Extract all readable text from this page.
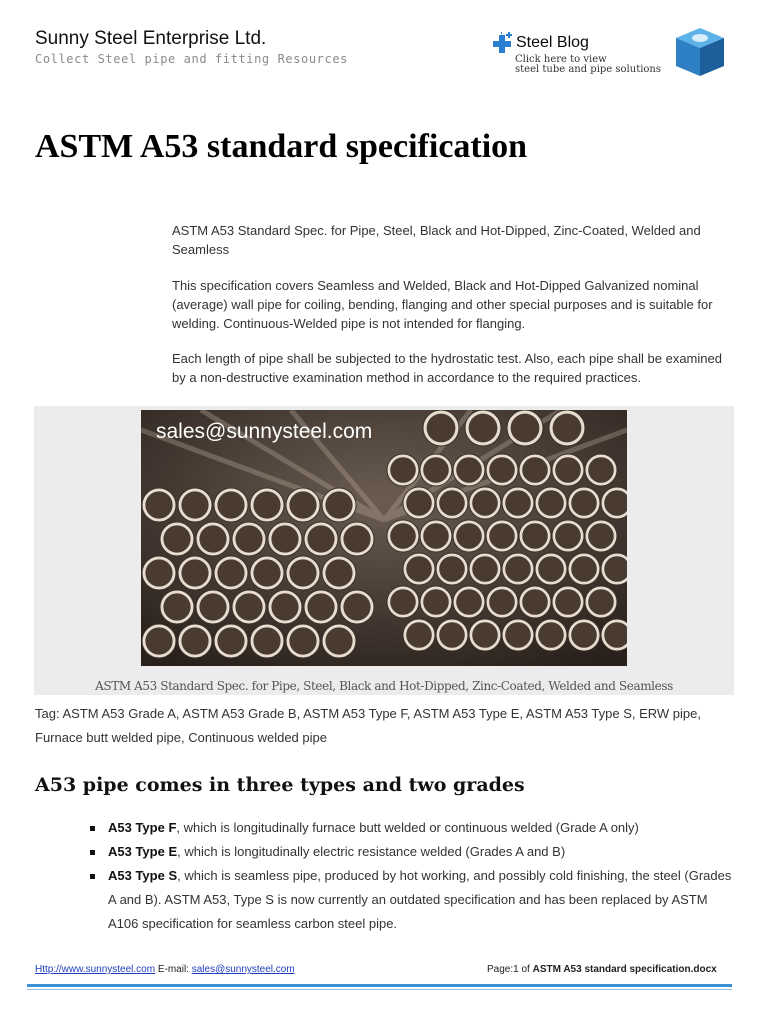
Sunny Steel Enterprise Ltd.
Collect Steel pipe and fitting Resources
Steel Blog
Click here to view
steel tube and pipe solutions
ASTM A53 standard specification

ASTM A53 Standard Spec. for Pipe, Steel, Black and Hot-Dipped, Zinc-Coated, Welded and Seamless

This specification covers Seamless and Welded, Black and Hot-Dipped Galvanized nominal (average) wall pipe for coiling, bending, flanging and other special purposes and is suitable for welding. Continuous-Welded pipe is not intended for flanging.

Each length of pipe shall be subjected to the hydrostatic test. Also, each pipe shall be examined by a non-destructive examination method in accordance to the required practices.

sales@sunnysteel.com
ASTM A53 Standard Spec. for Pipe, Steel, Black and Hot-Dipped, Zinc-Coated, Welded and Seamless
Tag: ASTM A53 Grade A, ASTM A53 Grade B, ASTM A53 Type F, ASTM A53 Type E, ASTM A53 Type S, ERW pipe, Furnace butt welded pipe, Continuous welded pipe
A53 pipe comes in three types and two grades
A53 Type F, which is longitudinally furnace butt welded or continuous welded (Grade A only)
A53 Type E, which is longitudinally electric resistance welded (Grades A and B)
A53 Type S, which is seamless pipe, produced by hot working, and possibly cold finishing, the steel (Grades A and B). ASTM A53, Type S is now currently an outdated specification and has been replaced by ASTM A106 specification for seamless carbon steel pipe.
Http://www.sunnysteel.com E-mail: sales@sunnysteel.com	Page:1 of ASTM A53 standard specification.docx
